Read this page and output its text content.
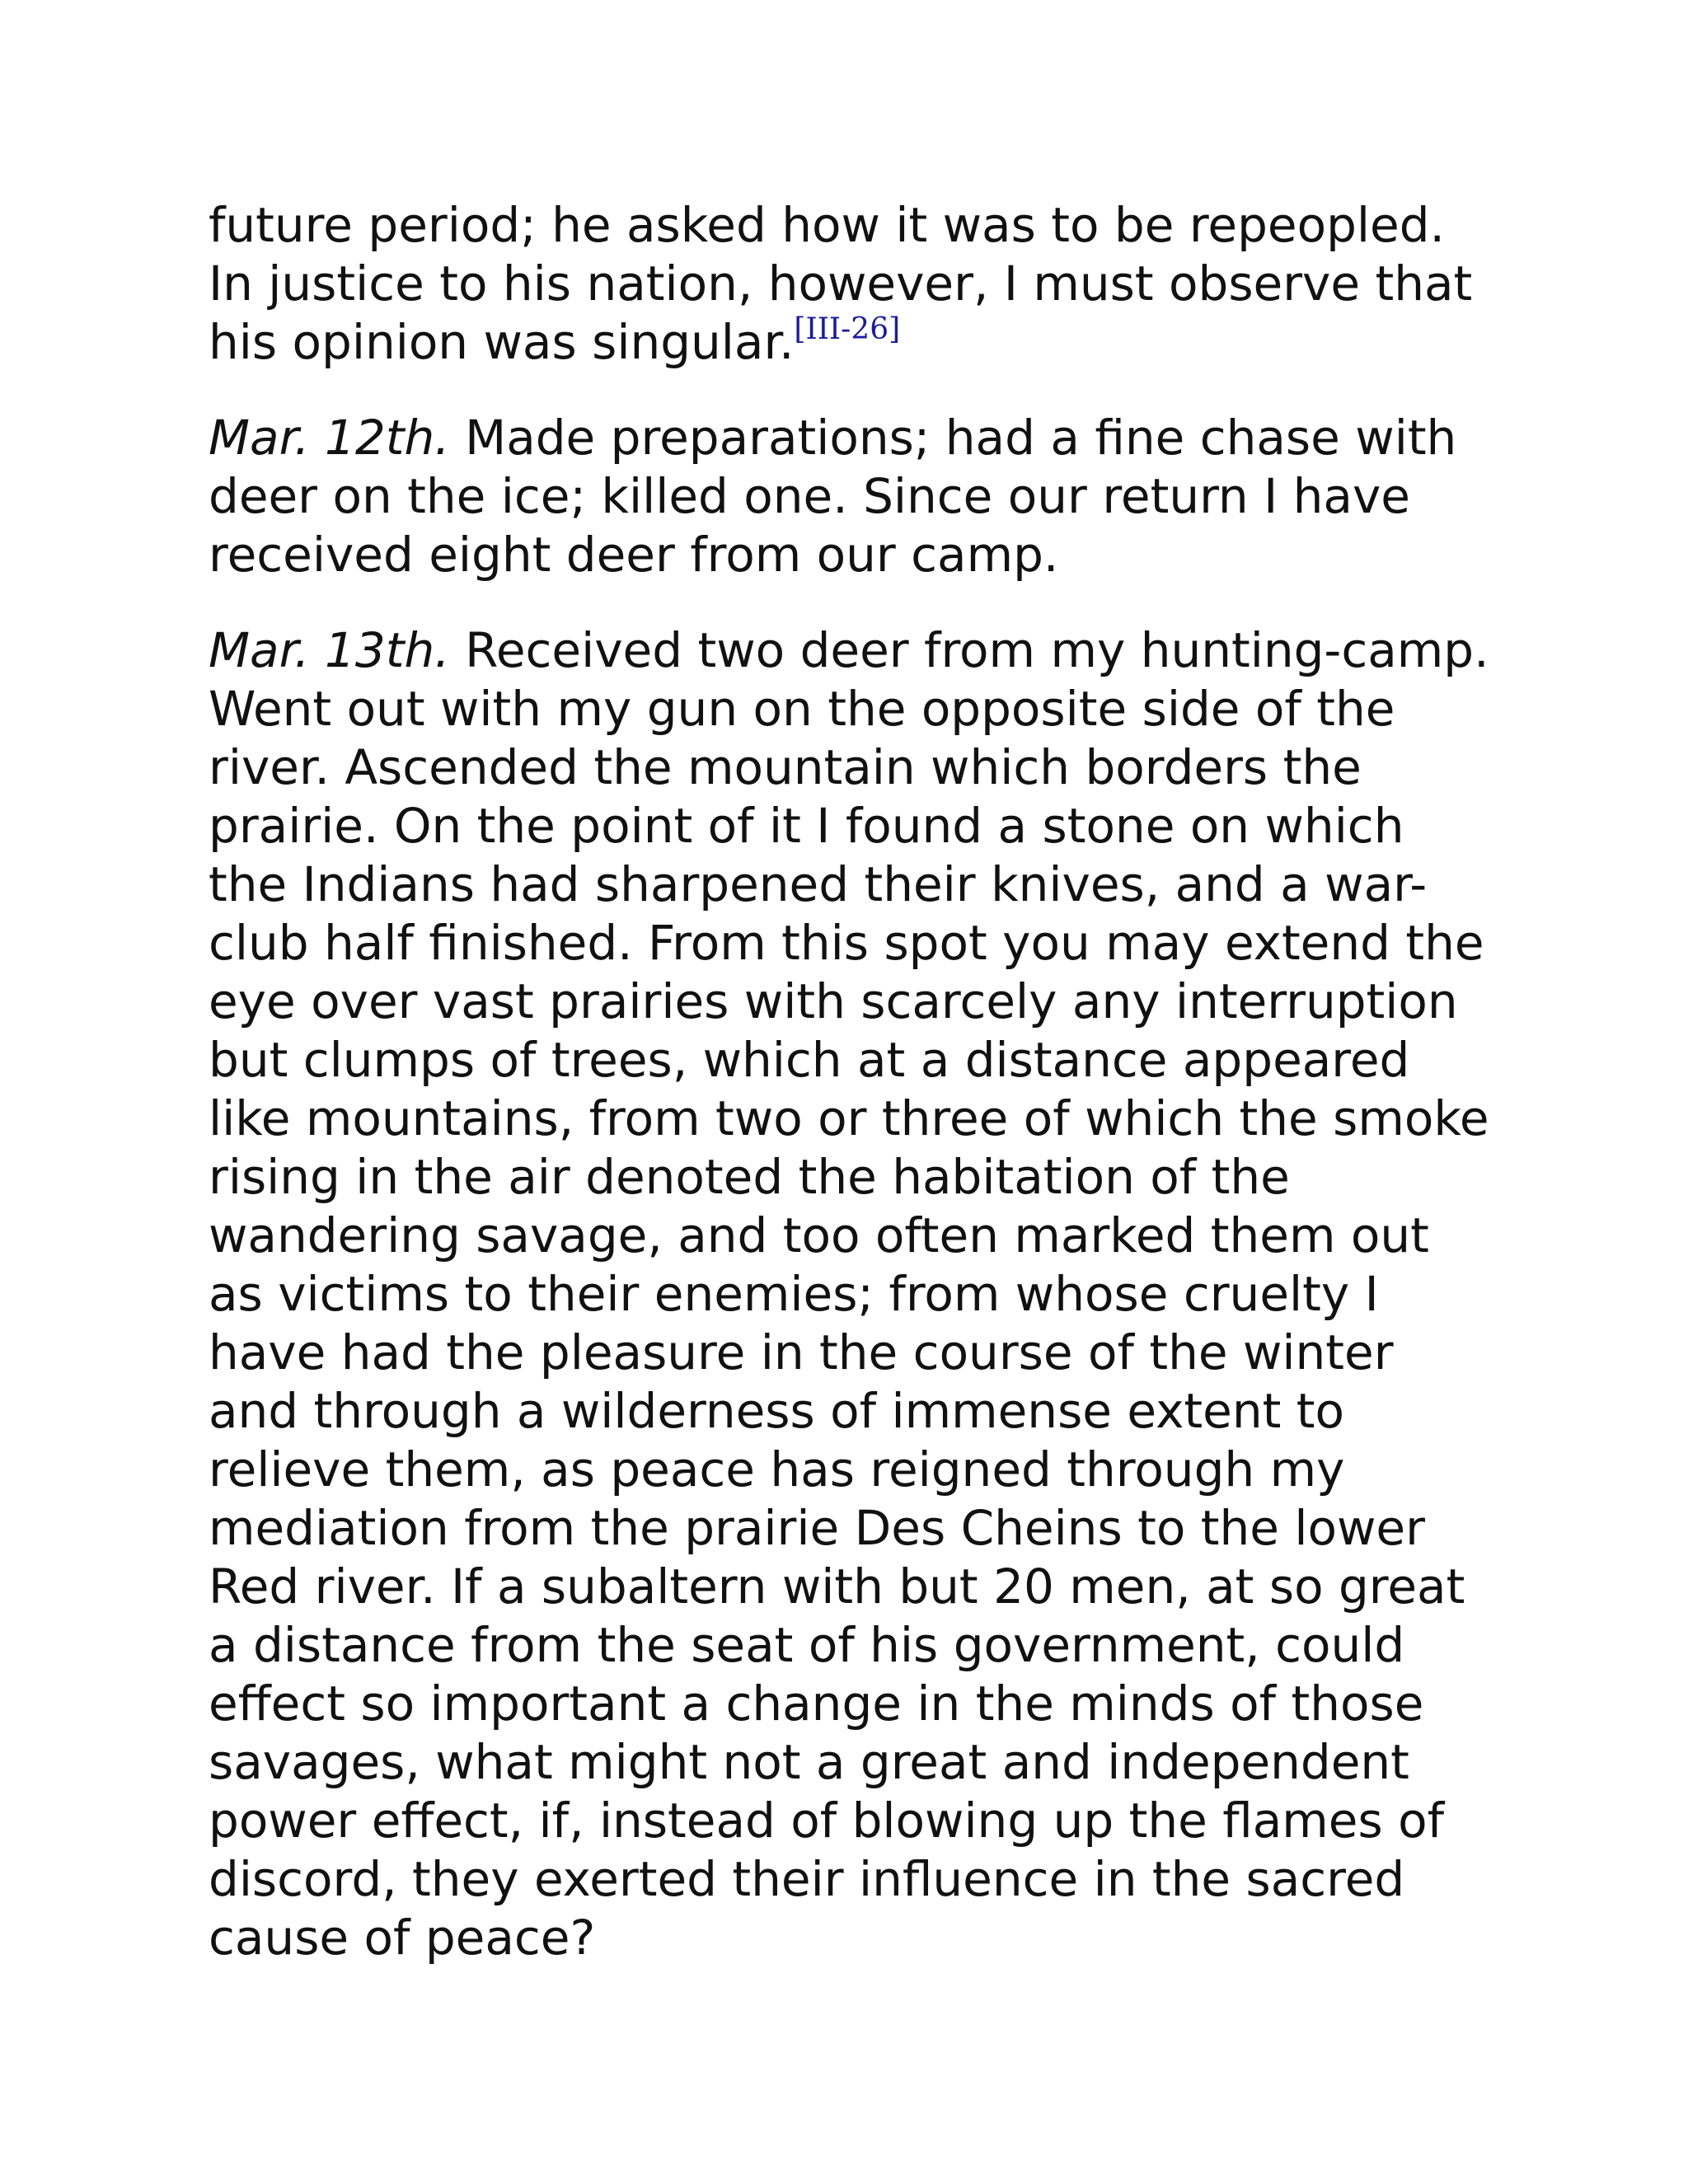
future period; he asked how it was to be repeopled. In justice to his nation, however, I must observe that his opinion was singular.[III-26]

Mar. 12th. Made preparations; had a fine chase with deer on the ice; killed one. Since our return I have received eight deer from our camp.

Mar. 13th. Received two deer from my hunting-camp. Went out with my gun on the opposite side of the river. Ascended the mountain which borders the prairie. On the point of it I found a stone on which the Indians had sharpened their knives, and a war-club half finished. From this spot you may extend the eye over vast prairies with scarcely any interruption but clumps of trees, which at a distance appeared like mountains, from two or three of which the smoke rising in the air denoted the habitation of the wandering savage, and too often marked them out as victims to their enemies; from whose cruelty I have had the pleasure in the course of the winter and through a wilderness of immense extent to relieve them, as peace has reigned through my mediation from the prairie Des Cheins to the lower Red river. If a subaltern with but 20 men, at so great a distance from the seat of his government, could effect so important a change in the minds of those savages, what might not a great and independent power effect, if, instead of blowing up the flames of discord, they exerted their influence in the sacred cause of peace?
